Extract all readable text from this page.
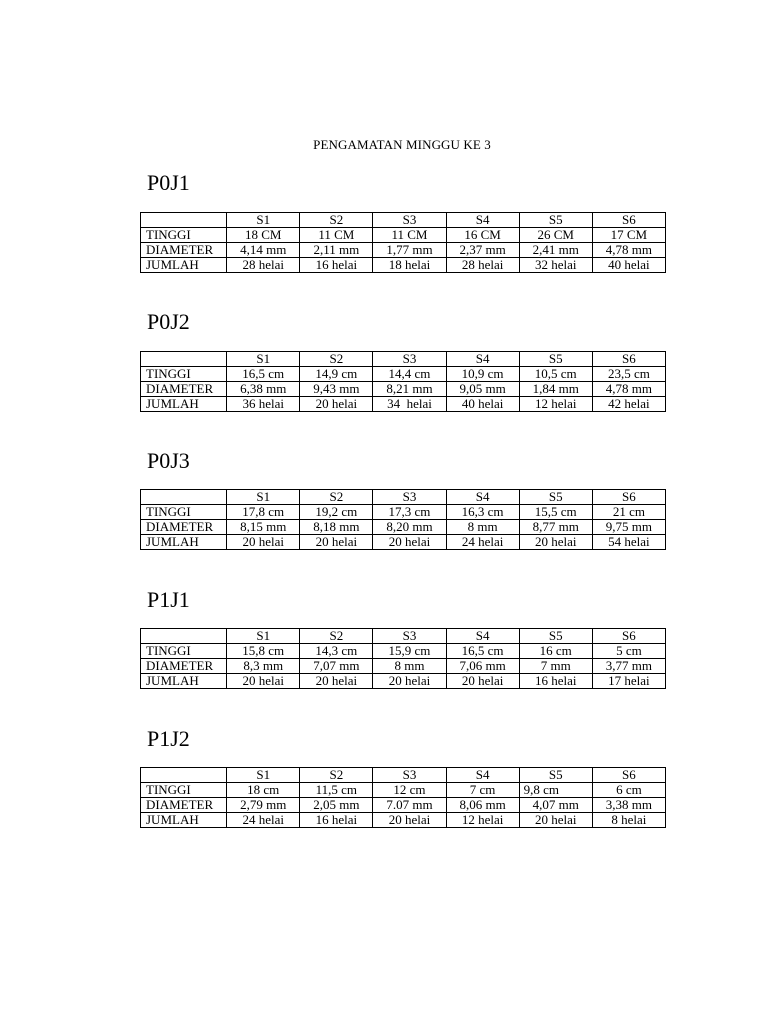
PENGAMATAN MINGGU KE 3
P0J1
	S1	S2	S3	S4	S5	S6
TINGGI	18 CM	11 CM	11 CM	16 CM	26 CM	17 CM
DIAMETER	4,14 mm	2,11 mm	1,77 mm	2,37 mm	2,41 mm	4,78 mm
JUMLAH	28 helai	16 helai	18 helai	28 helai	32 helai	40 helai
P0J2
	S1	S2	S3	S4	S5	S6
TINGGI	16,5 cm	14,9 cm	14,4 cm	10,9 cm	10,5 cm	23,5 cm
DIAMETER	6,38 mm	9,43 mm	8,21 mm	9,05 mm	1,84 mm	4,78 mm
JUMLAH	36 helai	20 helai	34  helai	40 helai	12 helai	42 helai
P0J3
	S1	S2	S3	S4	S5	S6
TINGGI	17,8 cm	19,2 cm	17,3 cm	16,3 cm	15,5 cm	21 cm
DIAMETER	8,15 mm	8,18 mm	8,20 mm	8 mm	8,77 mm	9,75 mm
JUMLAH	20 helai	20 helai	20 helai	24 helai	20 helai	54 helai
P1J1
	S1	S2	S3	S4	S5	S6
TINGGI	15,8 cm	14,3 cm	15,9 cm	16,5 cm	16 cm	5 cm
DIAMETER	8,3 mm	7,07 mm	8 mm	7,06 mm	7 mm	3,77 mm
JUMLAH	20 helai	20 helai	20 helai	20 helai	16 helai	17 helai
P1J2
	S1	S2	S3	S4	S5	S6
TINGGI	18 cm	11,5 cm	12 cm	7 cm	9,8 cm	6 cm
DIAMETER	2,79 mm	2,05 mm	7.07 mm	8,06 mm	4,07 mm	3,38 mm
JUMLAH	24 helai	16 helai	20 helai	12 helai	20 helai	8 helai
